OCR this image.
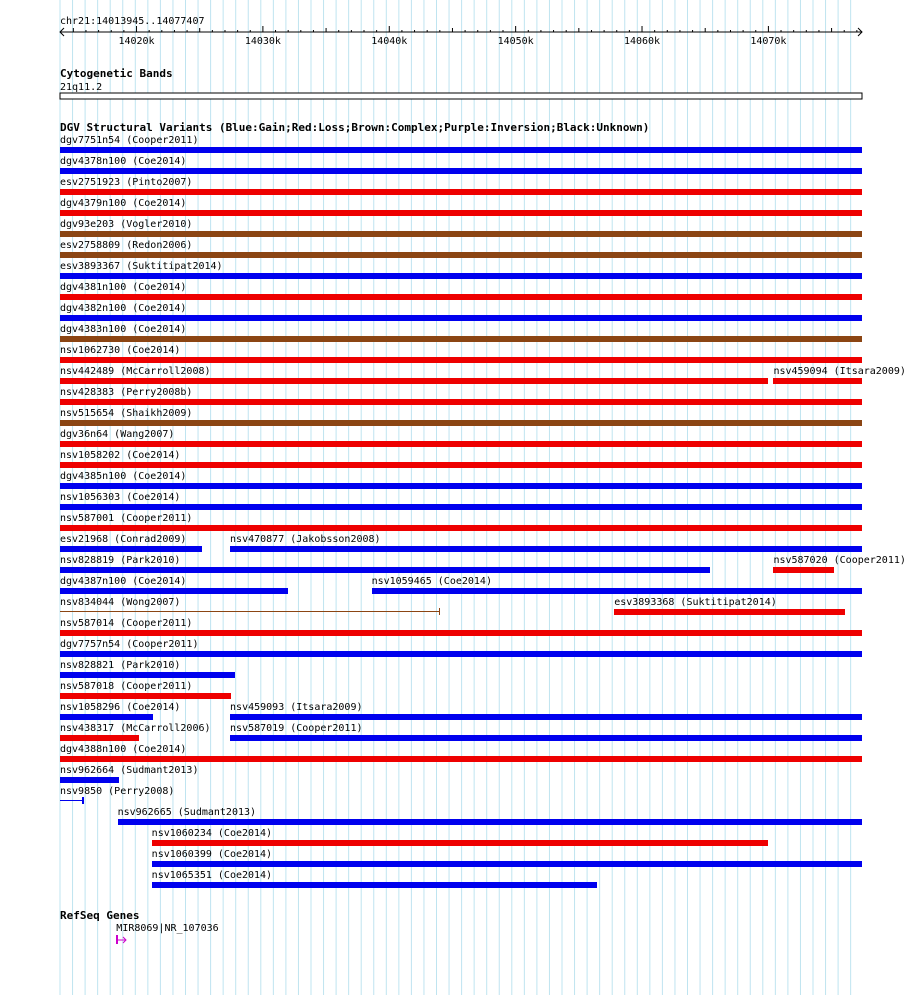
14020k	14030k	14040k	14050k	14060k	14070k
chr21:14013945..14077407
Cytogenetic Bands
21q11.2
DGV Structural Variants (Blue:Gain;Red:Loss;Brown:Complex;Purple:Inversion;Black:Unknown)
dgv7751n54 (Cooper2011)
dgv4378n100 (Coe2014)
esv2751923 (Pinto2007)
dgv4379n100 (Coe2014)
dgv93e203 (Vogler2010)
esv2758809 (Redon2006)
esv3893367 (Suktitipat2014)
dgv4381n100 (Coe2014)
dgv4382n100 (Coe2014)
dgv4383n100 (Coe2014)
nsv1062730 (Coe2014)
nsv442489 (McCarroll2008)	nsv459094 (Itsara2009)
nsv428383 (Perry2008b)
nsv515654 (Shaikh2009)
dgv36n64 (Wang2007)
nsv1058202 (Coe2014)
dgv4385n100 (Coe2014)
nsv1056303 (Coe2014)
nsv587001 (Cooper2011)
esv21968 (Conrad2009)	nsv470877 (Jakobsson2008)
nsv828819 (Park2010)	nsv587020 (Cooper2011)
dgv4387n100 (Coe2014)	nsv1059465 (Coe2014)
nsv834044 (Wong2007)	esv3893368 (Suktitipat2014)
nsv587014 (Cooper2011)
dgv7757n54 (Cooper2011)
nsv828821 (Park2010)
nsv587018 (Cooper2011)
nsv1058296 (Coe2014)	nsv459093 (Itsara2009)
nsv438317 (McCarroll2006) nsv587019 (Cooper2011)
dgv4388n100 (Coe2014)
nsv962664 (Sudmant2013)
nsv9850 (Perry2008)
nsv962665 (Sudmant2013)
nsv1060234 (Coe2014)
nsv1060399 (Coe2014)
nsv1065351 (Coe2014)
RefSeq Genes
MIR8069|NR_107036
